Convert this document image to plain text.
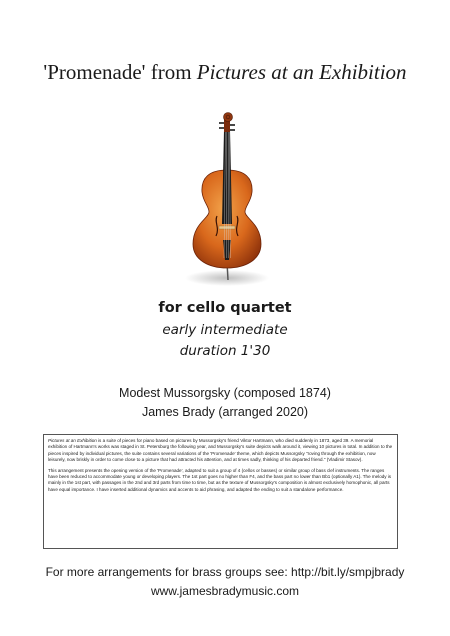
'Promenade' from Pictures at an Exhibition
for cello quartet
early intermediate
duration 1'30
Modest Mussorgsky (composed 1874)
James Brady (arranged 2020)

Pictures at an Exhibition is a suite of pieces for piano based on pictures by Mussorgsky's friend Viktor Hartmann, who died suddenly in 1873, aged 39. A memorial exhibition of Hartmann's works was staged in St. Petersburg the following year, and Mussorgsky's suite depicts walk around it, viewing 10 pictures in total. In addition to the pieces inspired by individual pictures, the suite contains several variations of the 'Promenade' theme, which depicts Mussorgsky "roving through the exhibition, now leisurely, now briskly in order to come close to a picture that had attracted his attention, and at times sadly, thinking of his departed friend." (Vladimir Stasov).

This arrangement presents the opening version of the 'Promenade', adapted to suit a group of 4 (cellos or basses) or similar group of bass clef instruments. The ranges have been reduced to accommodate young or developing players. The 1st part goes no higher than F4, and the bass part no lower than Bb1 (optionally A1). The melody is mainly in the 1st part, with passages in the 2nd and 3rd parts from time to time, but as the texture of Mussorgsky's composition is almost exclusively homophonic, all parts have equal importance. I have inserted additional dynamics and accents to aid phrasing, and adapted the ending to suit a standalone performance.

For more arrangements for brass groups see: http://bit.ly/smpjbrady
www.jamesbradymusic.com
